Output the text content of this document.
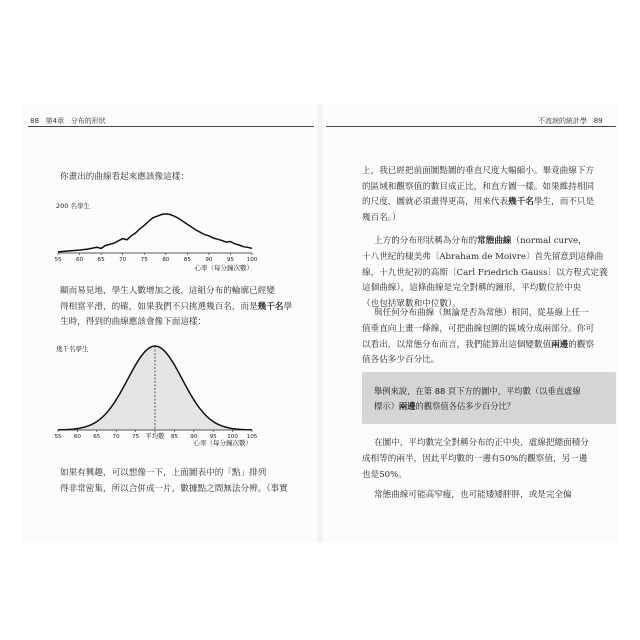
88 第4章 分布的形狀	不流淚的統計學 89
你畫出的曲線看起來應該像這樣：
200 名學生
55	60	65	70	75	80	85	90	95 100
心率（每分鐘次數）
顯而易見地，學生人數增加之後，這組分布的輪廓已經變
得相當平滑，的確，如果我們不只挑選幾百名，而是幾千名學
生時，得到的曲線應該會像下面這樣：
幾千名學生
55 60 65 70 75	85 90 95 100 105
平均數
心率（每分鐘次數）
如果有興趣，可以想像一下，上面圖表中的「點」排列
得非常密集，所以合併成一片，數據點之間無法分辨。（事實
上，我已經把前面圖點圖的垂直尺度大幅縮小。畢竟曲線下方
的區域和觀察值的數目成正比，和直方圖一樣。如果維持相同
的尺度，圖就必須畫得更高，用來代表幾千名學生，而不只是
幾百名。）
上方的分布形狀稱為分布的常態曲線（normal curve，
十八世紀的棣美弗〔Abraham de Moivre〕首先留意到這條曲
線，十九世紀初的高斯〔Carl Friedrich Gauss〕以方程式定義
這個曲線），這條曲線是完全對稱的鐘形，平均數位於中央
（也包括眾數和中位數）。
與任何分布曲線（無論是否為常態）相同，從基線上任一
值垂直向上畫一條線，可把曲線包圍的區域分成兩部分。你可
以看出，以常態分布而言，我們能算出這個變數值兩邊的觀察
值各佔多少百分比。

舉例來說，在第 88 頁下方的圖中，平均數（以垂直虛線
標示）兩邊的觀察值各佔多少百分比？

在圖中，平均數完全對稱分布的正中央，虛線把總面積分
成相等的兩半，因此平均數的一邊有50%的觀察值，另一邊
也是50%。
常態曲線可能高窄瘦，也可能矮矮胖胖，或是完全偏
